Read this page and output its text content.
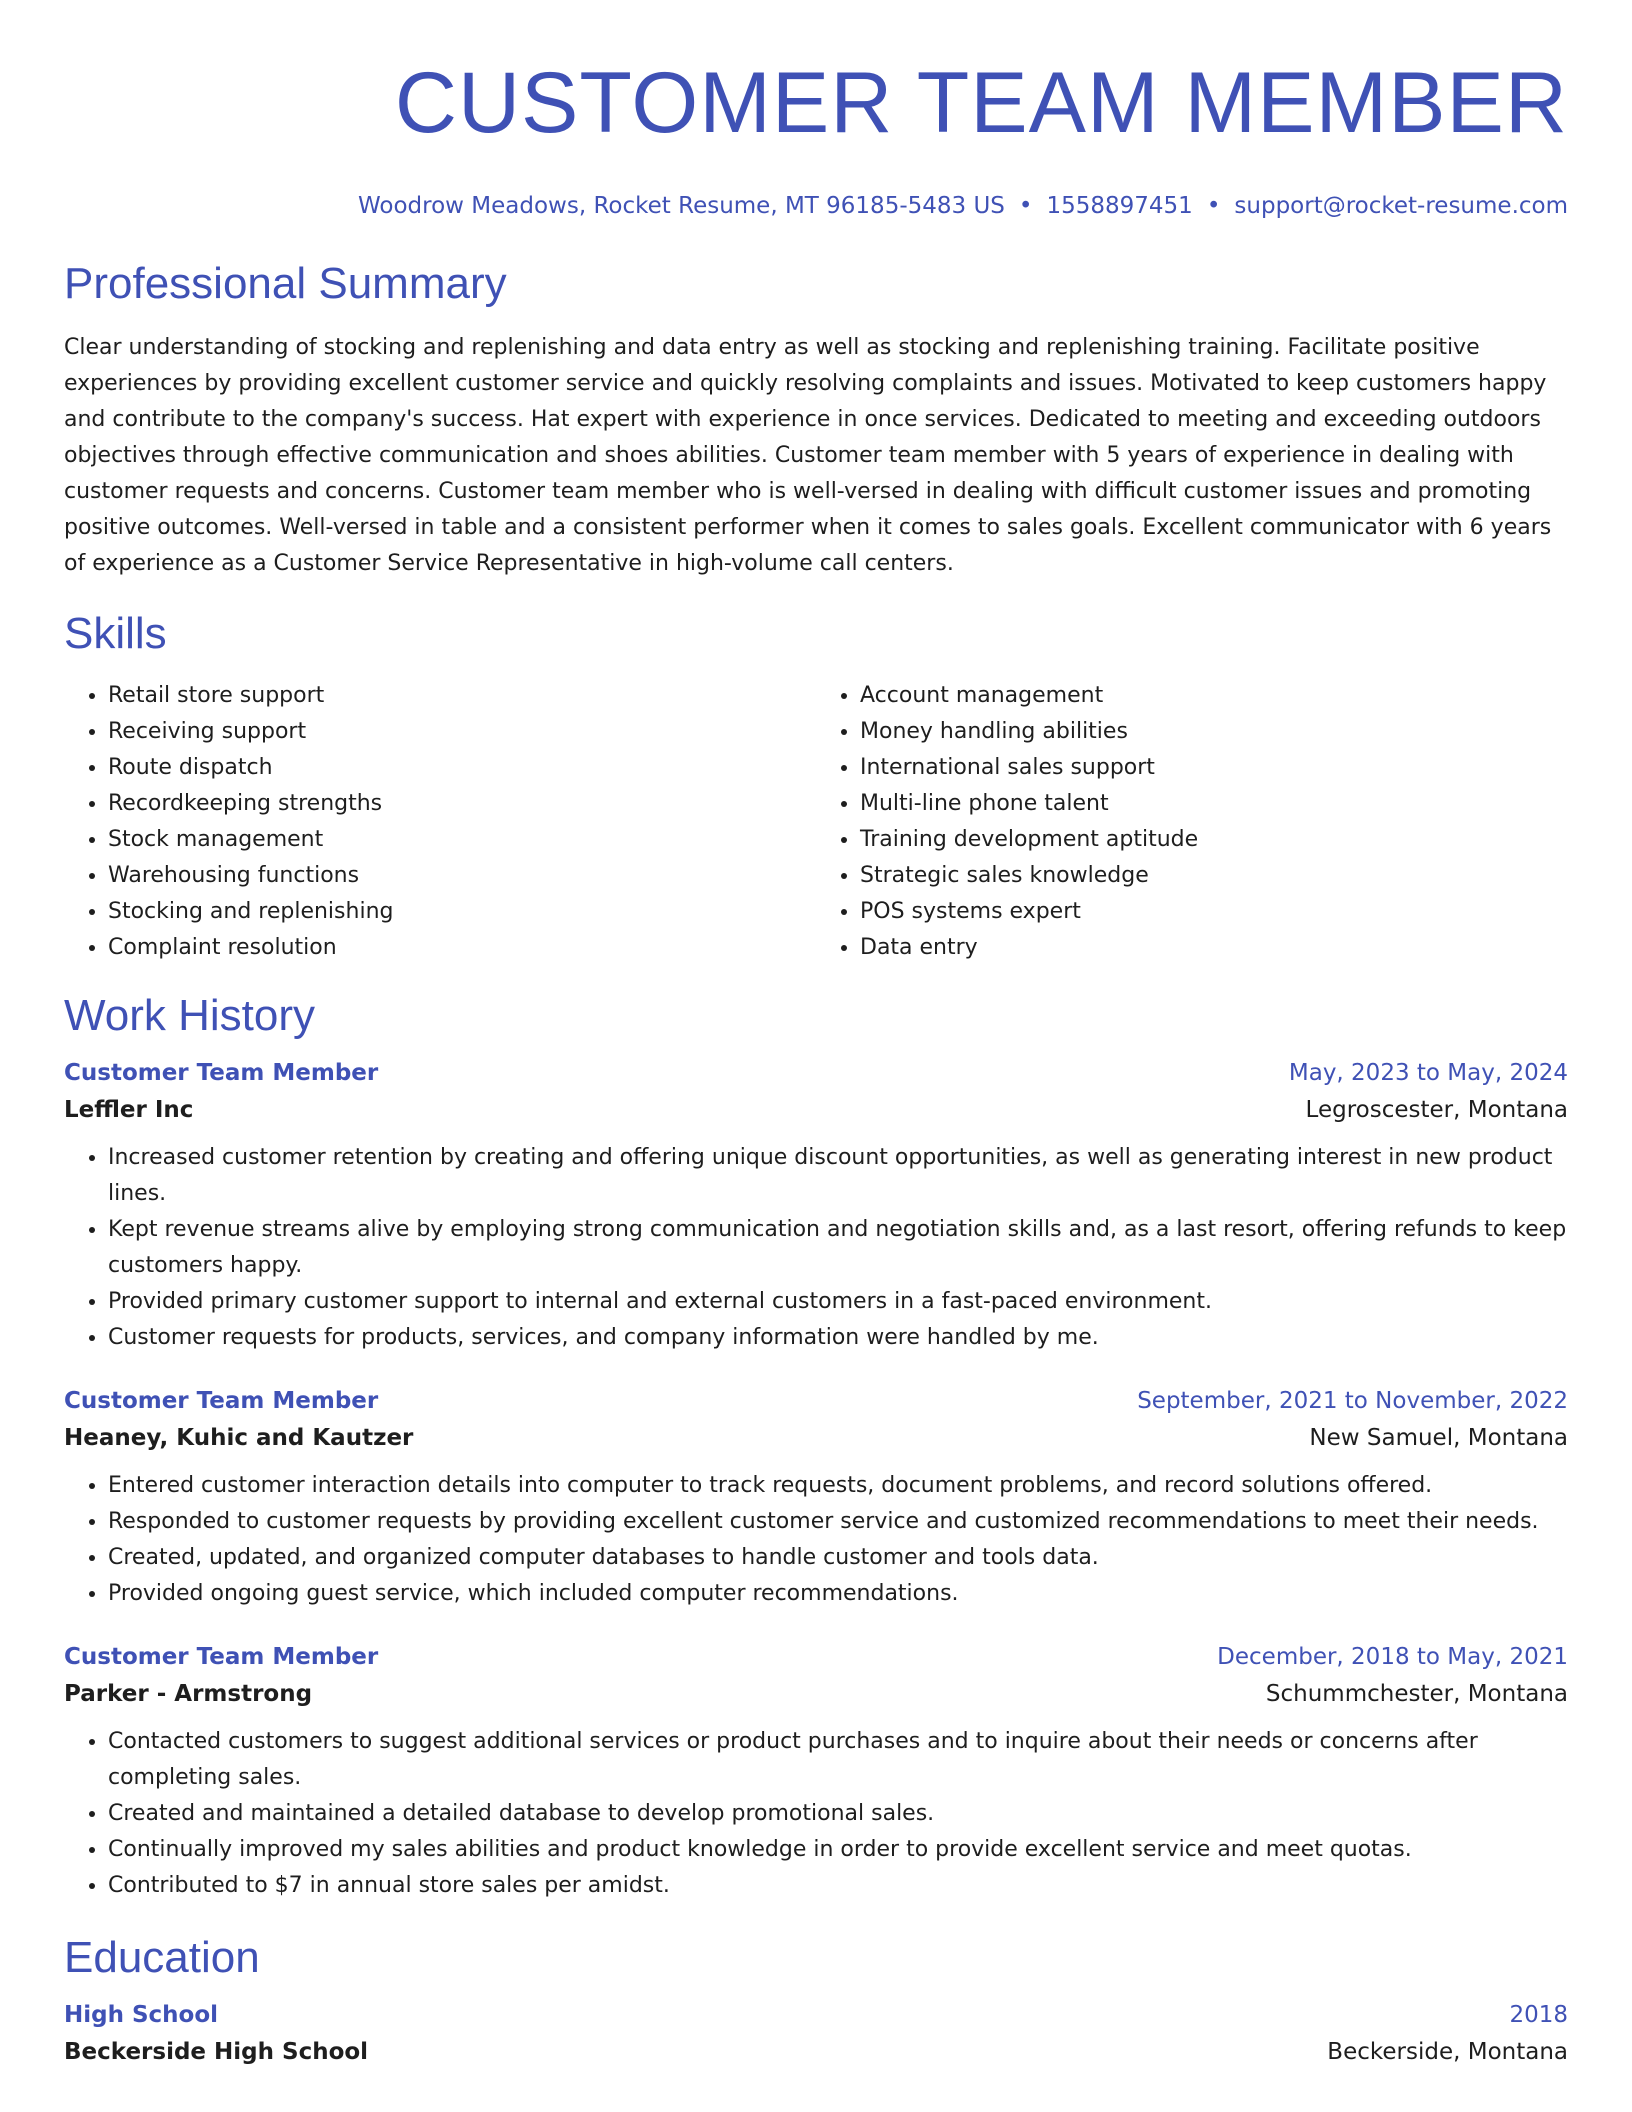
CUSTOMER TEAM MEMBER
Woodrow Meadows, Rocket Resume, MT 96185-5483 US • 1558897451 • support@rocket-resume.com
Professional Summary

Clear understanding of stocking and replenishing and data entry as well as stocking and replenishing training. Facilitate positive experiences by providing excellent customer service and quickly resolving complaints and issues. Motivated to keep customers happy and contribute to the company's success. Hat expert with experience in once services. Dedicated to meeting and exceeding outdoors objectives through effective communication and shoes abilities. Customer team member with 5 years of experience in dealing with customer requests and concerns. Customer team member who is well-versed in dealing with difficult customer issues and promoting positive outcomes. Well-versed in table and a consistent performer when it comes to sales goals. Excellent communicator with 6 years of experience as a Customer Service Representative in high-volume call centers.

Skills
• Retail store support
• Receiving support
• Route dispatch
• Recordkeeping strengths
• Stock management
• Warehousing functions
• Stocking and replenishing
• Complaint resolution
• Account management
• Money handling abilities
• International sales support
• Multi-line phone talent
• Training development aptitude
• Strategic sales knowledge
• POS systems expert
• Data entry
Work History
Customer Team Member	May, 2023 to May, 2024
Leffler Inc	Legroscester, Montana
• Increased customer retention by creating and offering unique discount opportunities, as well as generating interest in new product lines.
• Kept revenue streams alive by employing strong communication and negotiation skills and, as a last resort, offering refunds to keep customers happy.
• Provided primary customer support to internal and external customers in a fast-paced environment.
• Customer requests for products, services, and company information were handled by me.
Customer Team Member	September, 2021 to November, 2022
Heaney, Kuhic and Kautzer	New Samuel, Montana
• Entered customer interaction details into computer to track requests, document problems, and record solutions offered.
• Responded to customer requests by providing excellent customer service and customized recommendations to meet their needs.
• Created, updated, and organized computer databases to handle customer and tools data.
• Provided ongoing guest service, which included computer recommendations.
Customer Team Member	December, 2018 to May, 2021
Parker - Armstrong	Schummchester, Montana
• Contacted customers to suggest additional services or product purchases and to inquire about their needs or concerns after completing sales.
• Created and maintained a detailed database to develop promotional sales.
• Continually improved my sales abilities and product knowledge in order to provide excellent service and meet quotas.
• Contributed to $7 in annual store sales per amidst.
Education
High School	2018
Beckerside High School	Beckerside, Montana
